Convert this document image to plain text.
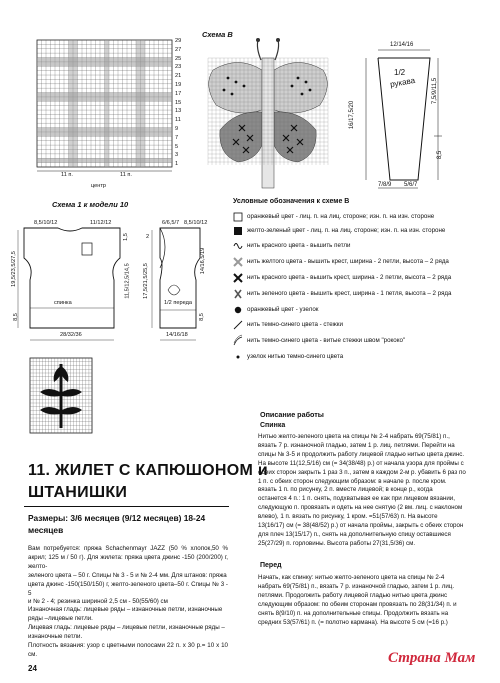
29
27
25
23
21
19
17
15
13
11
9
7
5
3
1
11 п.
центр
11 п.
Схема В
12/14/16
1/2
рукава
16/17,5/20
7,5/9/11,5
8,5
7/8/9 5/6/7
Условные обозначения к схеме В
оранжевый цвет - лиц. п. на лиц. стороне; изн. п. на изн. стороне
желто-зеленый цвет - лиц. п. на лиц. стороне; изн. п. на изн. стороне
нить красного цвета - вышить петли
нить желтого цвета - вышить крест, ширина - 2 петли, высота – 2 ряда
нить красного цвета - вышить крест, ширина - 2 петли, высота – 2 ряда
нить зеленого цвета - вышить крест, ширина - 1 петля, высота – 2 ряда
оранжевый цвет - узелок
нить темно-синего цвета - стежки
нить темно-синего цвета - витые стежки швом "рококо"
узелок нитью темно-синего цвета
Схема 1 к модели 10
8,5/10/12	11/12/12
19,5/23,5/27,5
8,5
1,5
11,5/12,5/14,5
спинка
28/32/36
6/6,5/7 8,5/10/12
2
17,5/21,5/25,5
14/16,5/19
8,5
1/2 переда
14/16/18
11. ЖИЛЕТ С КАПЮШОНОМ и
ШТАНИШКИ
Размеры: 3/6 месяцев (9/12 месяцев) 18-24 месяцев
Вам потребуется: пряжа Schachenmayr JAZZ (50 % хлопок,50 % акрил; 125 м / 50 г). Для жилета: пряжа цвета джинс -150 (200/200) г, желто-
зеленого цвета – 50 г. Спицы № 3 - 5 и № 2-4 мм. Для штанов: пряжа
цвета джинс -150(150/150) г, желто-зеленого цвета–50 г. Спицы № 3 - 5
и № 2 - 4; резинка шириной 2,5 см - 50(55/60) см
Изнаночная гладь: лицевые ряды – изнаночные петли, изнаночные
ряды –лицевые петли.
Лицевая гладь: лицевые ряды – лицевые петли, изнаночные ряды –
изнаночные петли.
Плотность вязания: узор с цветными полосами 22 п. х 30 р.= 10 х 10 см.
24
Описание работы
Спинка
Нитью желто-зеленого цвета на спицы № 2-4 набрать 69(75/81) п.,
вязать 7 р. изнаночной гладью, затем 1 р. лиц. петлями. Перейти на
спицы № 3-5 и продолжить работу лицевой гладью нитью цвета джинс.
На высоте 11(12,5/16) см (= 34(38/48) р.) от начала узора для проймы с
обеих сторон закрыть 1 раз 3 п., затем в каждом 2-м р. убавить 6 раз по
1 п. с обеих сторон следующим образом: в начале р. после кром.
вязать 1 п. по рисунку, 2 п. вместе лицевой; в конце р., когда
останется 4 п.: 1 п. снять, подхватывая ее как при лицевом вязании,
следующую п. провязать и одеть на нее снятую (2 вм. лиц. с наклоном
влево), 1 п. вязать по рисунку, 1 кром. =51(57/63) п. На высоте
13(16/17) см (= 38(48/52) р.) от начала проймы, закрыть с обеих сторон
для плеч 13(15/17) п., снять на дополнительную спицу оставшиеся
25(27/29) п. горловины. Высота работы 27(31,5/36) см.
Перед
Начать, как спинку: нитью желто-зеленого цвета на спицы № 2-4
набрать 69(75/81) п., вязать 7 р. изнаночной гладью, затем 1 р. лиц.
петлями. Продолжить работу лицевой гладью нитью цвета джинс
следующим образом: по обеим сторонам провязать по 28(31/34) п. и
снять 8(9/10) п. на дополнительные спицы. Продолжить вязать на
средних 53(57/61) п. (= полотно кармана). На высоте 5 см (=16 р.)
Страна Мам
